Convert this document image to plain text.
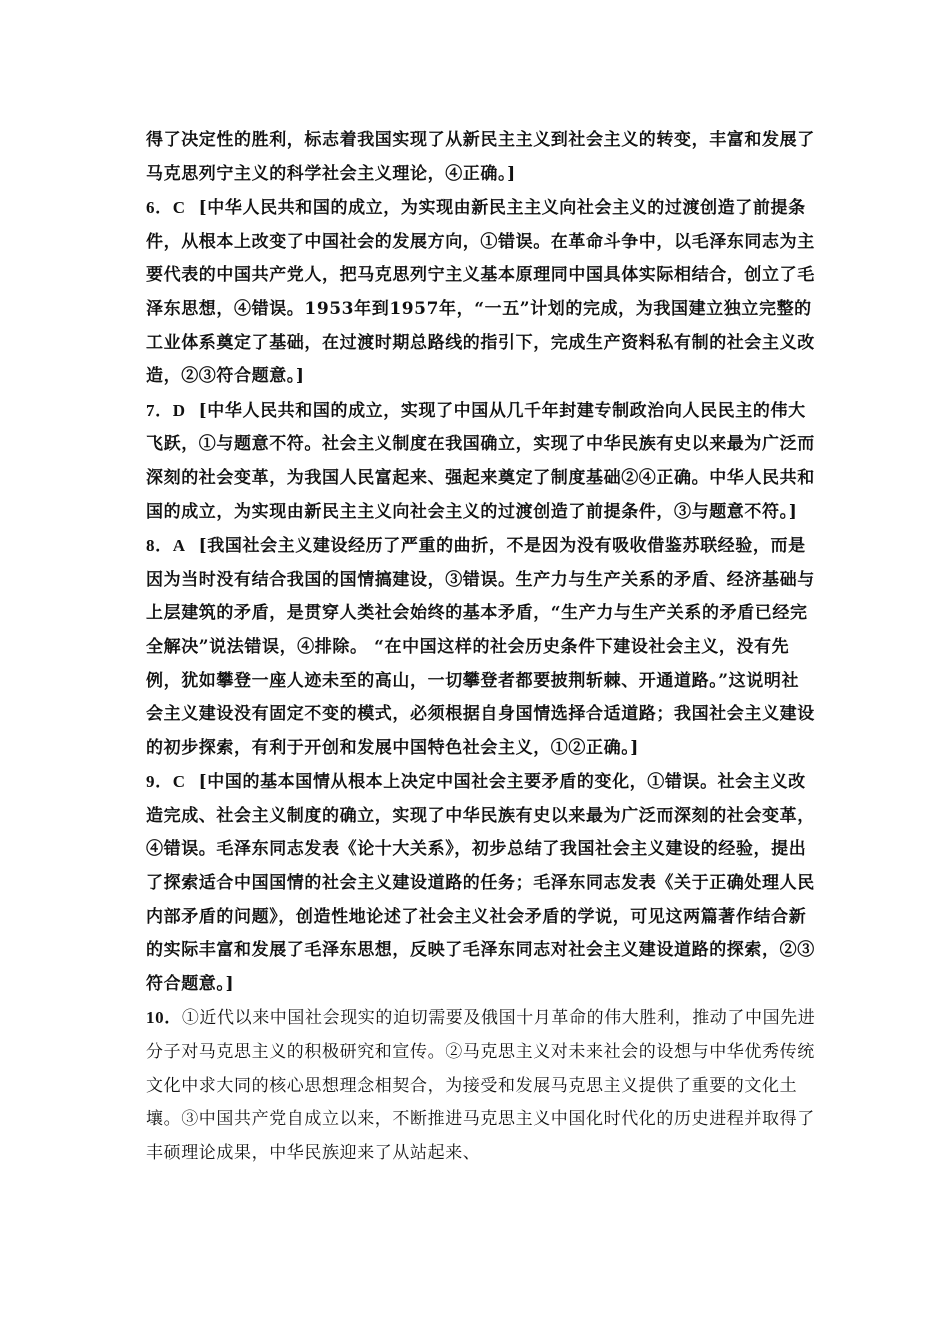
得了决定性的胜利，标志着我国实现了从新民主主义到社会主义的转变，丰富和发展了马克思列宁主义的科学社会主义理论，④正确。]

6．C [中华人民共和国的成立，为实现由新民主主义向社会主义的过渡创造了前提条件，从根本上改变了中国社会的发展方向，①错误。在革命斗争中，以毛泽东同志为主要代表的中国共产党人，把马克思列宁主义基本原理同中国具体实际相结合，创立了毛泽东思想，④错误。1953年到1957年，“一五”计划的完成，为我国建立独立完整的工业体系奠定了基础，在过渡时期总路线的指引下，完成生产资料私有制的社会主义改造，②③符合题意。]

7．D [中华人民共和国的成立，实现了中国从几千年封建专制政治向人民民主的伟大飞跃，①与题意不符。社会主义制度在我国确立，实现了中华民族有史以来最为广泛而深刻的社会变革，为我国人民富起来、强起来奠定了制度基础②④正确。中华人民共和国的成立，为实现由新民主主义向社会主义的过渡创造了前提条件，③与题意不符。]

8．A [我国社会主义建设经历了严重的曲折，不是因为没有吸收借鉴苏联经验，而是因为当时没有结合我国的国情搞建设，③错误。生产力与生产关系的矛盾、经济基础与上层建筑的矛盾，是贯穿人类社会始终的基本矛盾，“生产力与生产关系的矛盾已经完全解决”说法错误，④排除。 “在中国这样的社会历史条件下建设社会主义，没有先例，犹如攀登一座人迹未至的高山，一切攀登者都要披荆斩棘、开通道路。”这说明社会主义建设没有固定不变的模式，必须根据自身国情选择合适道路；我国社会主义建设的初步探索，有利于开创和发展中国特色社会主义，①②正确。]

9．C [中国的基本国情从根本上决定中国社会主要矛盾的变化，①错误。社会主义改造完成、社会主义制度的确立，实现了中华民族有史以来最为广泛而深刻的社会变革，④错误。毛泽东同志发表《论十大关系》，初步总结了我国社会主义建设的经验，提出了探索适合中国国情的社会主义建设道路的任务；毛泽东同志发表《关于正确处理人民内部矛盾的问题》，创造性地论述了社会主义社会矛盾的学说，可见这两篇著作结合新的实际丰富和发展了毛泽东思想，反映了毛泽东同志对社会主义建设道路的探索，②③符合题意。]

10．①近代以来中国社会现实的迫切需要及俄国十月革命的伟大胜利，推动了中国先进分子对马克思主义的积极研究和宣传。②马克思主义对未来社会的设想与中华优秀传统文化中求大同的核心思想理念相契合，为接受和发展马克思主义提供了重要的文化土壤。③中国共产党自成立以来，不断推进马克思主义中国化时代化的历史进程并取得了丰硕理论成果，中华民族迎来了从站起来、
